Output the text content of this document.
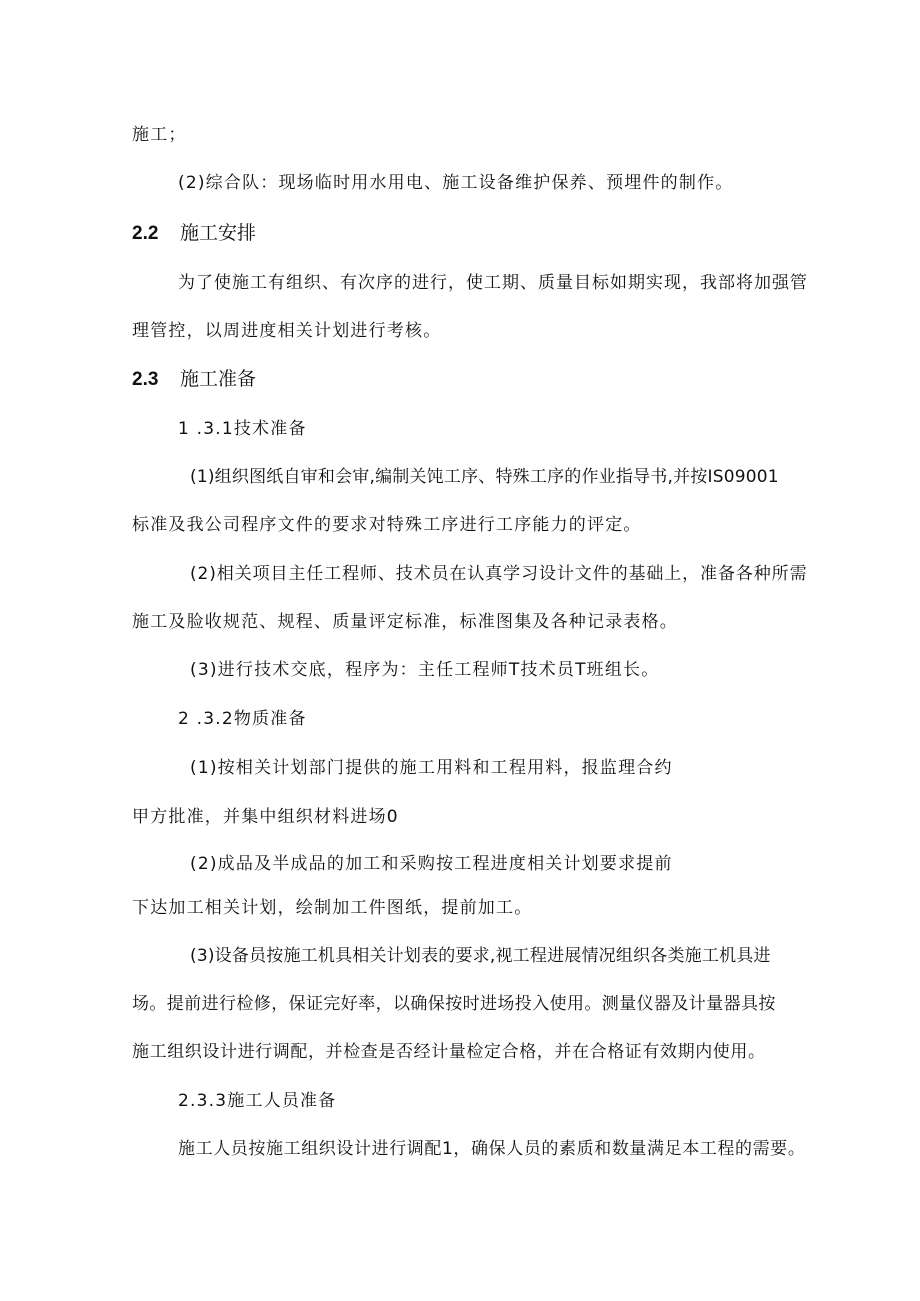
施工；
(2)综合队：现场临时用水用电、施工设备维护保养、预埋件的制作。
2.2 施工安排
为了使施工有组织、有次序的进行，使工期、质量目标如期实现，我部将加强管
理管控，以周进度相关计划进行考核。
2.3 施工准备
1 .3.1技术准备
(1)组织图纸自审和会审,编制关饨工序、特殊工序的作业指导书,并按IS09001
标准及我公司程序文件的要求对特殊工序进行工序能力的评定。
(2)相关项目主任工程师、技术员在认真学习设计文件的基础上，准备各种所需
施工及脸收规范、规程、质量评定标准，标准图集及各种记录表格。
(3)进行技术交底，程序为：主任工程师T技术员T班组长。
2 .3.2物质准备
(1)按相关计划部门提供的施工用料和工程用料，报监理合约
甲方批准，并集中组织材料进场0
(2)成品及半成品的加工和采购按工程进度相关计划要求提前
下达加工相关计划，绘制加工件图纸，提前加工。
(3)设备员按施工机具相关计划表的要求,视工程进展情况组织各类施工机具进
场。提前进行检修，保证完好率，以确保按时进场投入使用。测量仪器及计量器具按
施工组织设计进行调配，并检查是否经计量检定合格，并在合格证有效期内使用。
2.3.3施工人员准备
施工人员按施工组织设计进行调配1，确保人员的素质和数量满足本工程的需要。
